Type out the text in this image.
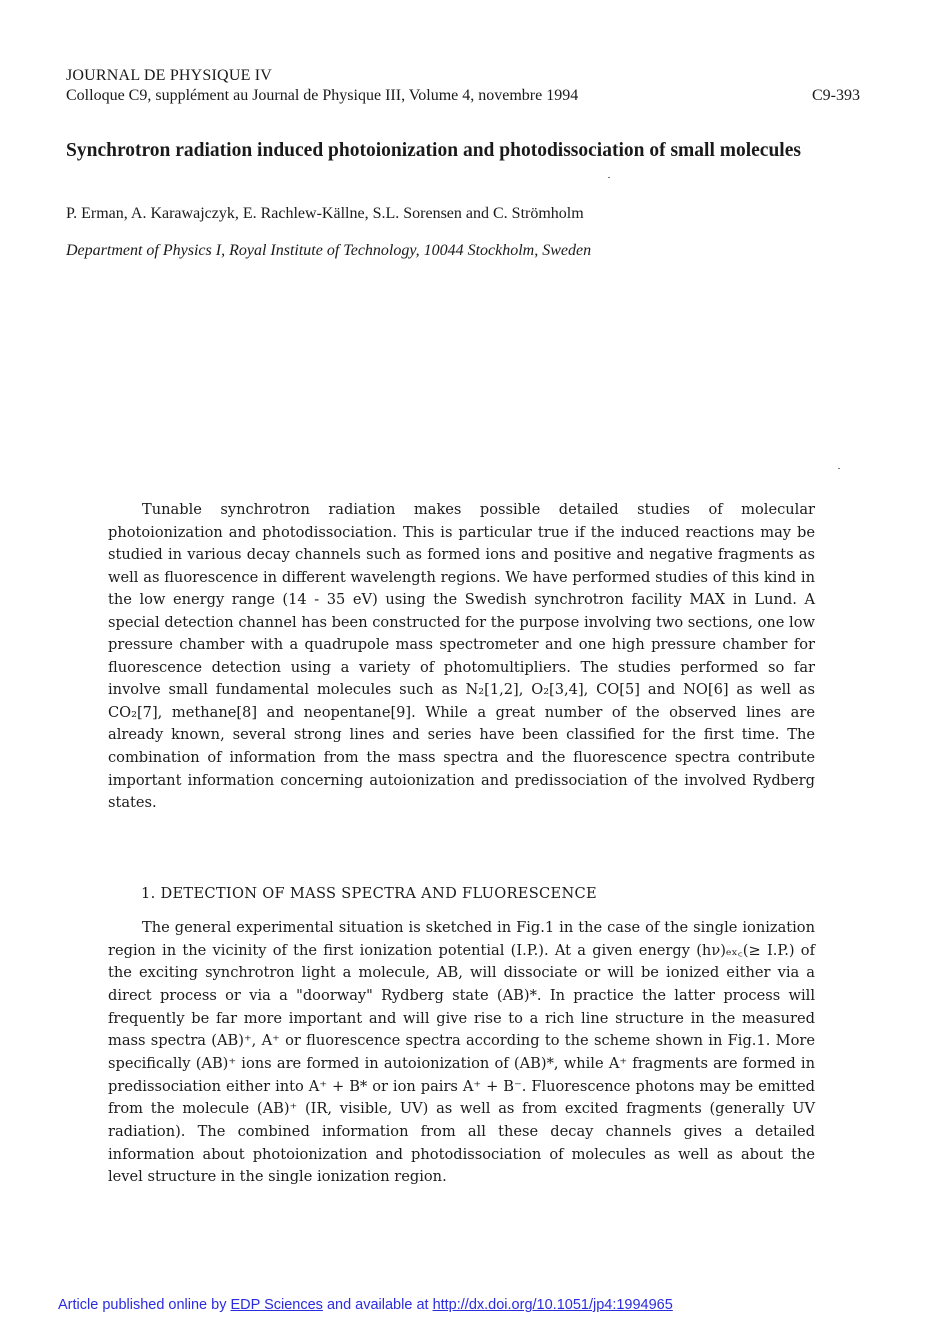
JOURNAL DE PHYSIQUE IV
Colloque C9, supplément au Journal de Physique III, Volume 4, novembre 1994	C9-393
Synchrotron radiation induced photoionization and photodissociation of small molecules
P. Erman, A. Karawajczyk, E. Rachlew-Källne, S.L. Sorensen and C. Strömholm
Department of Physics I, Royal Institute of Technology, 10044 Stockholm, Sweden

Tunable synchrotron radiation makes possible detailed studies of molecular photoionization and photodissociation. This is particular true if the induced reactions may be studied in various decay channels such as formed ions and positive and negative fragments as well as fluorescence in different wavelength regions. We have performed studies of this kind in the low energy range (14 - 35 eV) using the Swedish synchrotron facility MAX in Lund. A special detection channel has been constructed for the purpose involving two sections, one low pressure chamber with a quadrupole mass spectrometer and one high pressure chamber for fluorescence detection using a variety of photomultipliers. The studies performed so far involve small fundamental molecules such as N₂[1,2], O₂[3,4], CO[5] and NO[6] as well as CO₂[7], methane[8] and neopentane[9]. While a great number of the observed lines are already known, several strong lines and series have been classified for the first time. The combination of information from the mass spectra and the fluorescence spectra contribute important information concerning autoionization and predissociation of the involved Rydberg states.

1. DETECTION OF MASS SPECTRA AND FLUORESCENCE

The general experimental situation is sketched in Fig.1 in the case of the single ionization region in the vicinity of the first ionization potential (I.P.). At a given energy (hν)ₑₓ꜀(≥ I.P.) of the exciting synchrotron light a molecule, AB, will dissociate or will be ionized either via a direct process or via a "doorway" Rydberg state (AB)*. In practice the latter process will frequently be far more important and will give rise to a rich line structure in the measured mass spectra (AB)⁺, A⁺ or fluorescence spectra according to the scheme shown in Fig.1. More specifically (AB)⁺ ions are formed in autoionization of (AB)*, while A⁺ fragments are formed in predissociation either into A⁺ + B* or ion pairs A⁺ + B⁻. Fluorescence photons may be emitted from the molecule (AB)⁺ (IR, visible, UV) as well as from excited fragments (generally UV radiation). The combined information from all these decay channels gives a detailed information about photoionization and photodissociation of molecules as well as about the level structure in the single ionization region.

Article published online by EDP Sciences and available at http://dx.doi.org/10.1051/jp4:1994965
